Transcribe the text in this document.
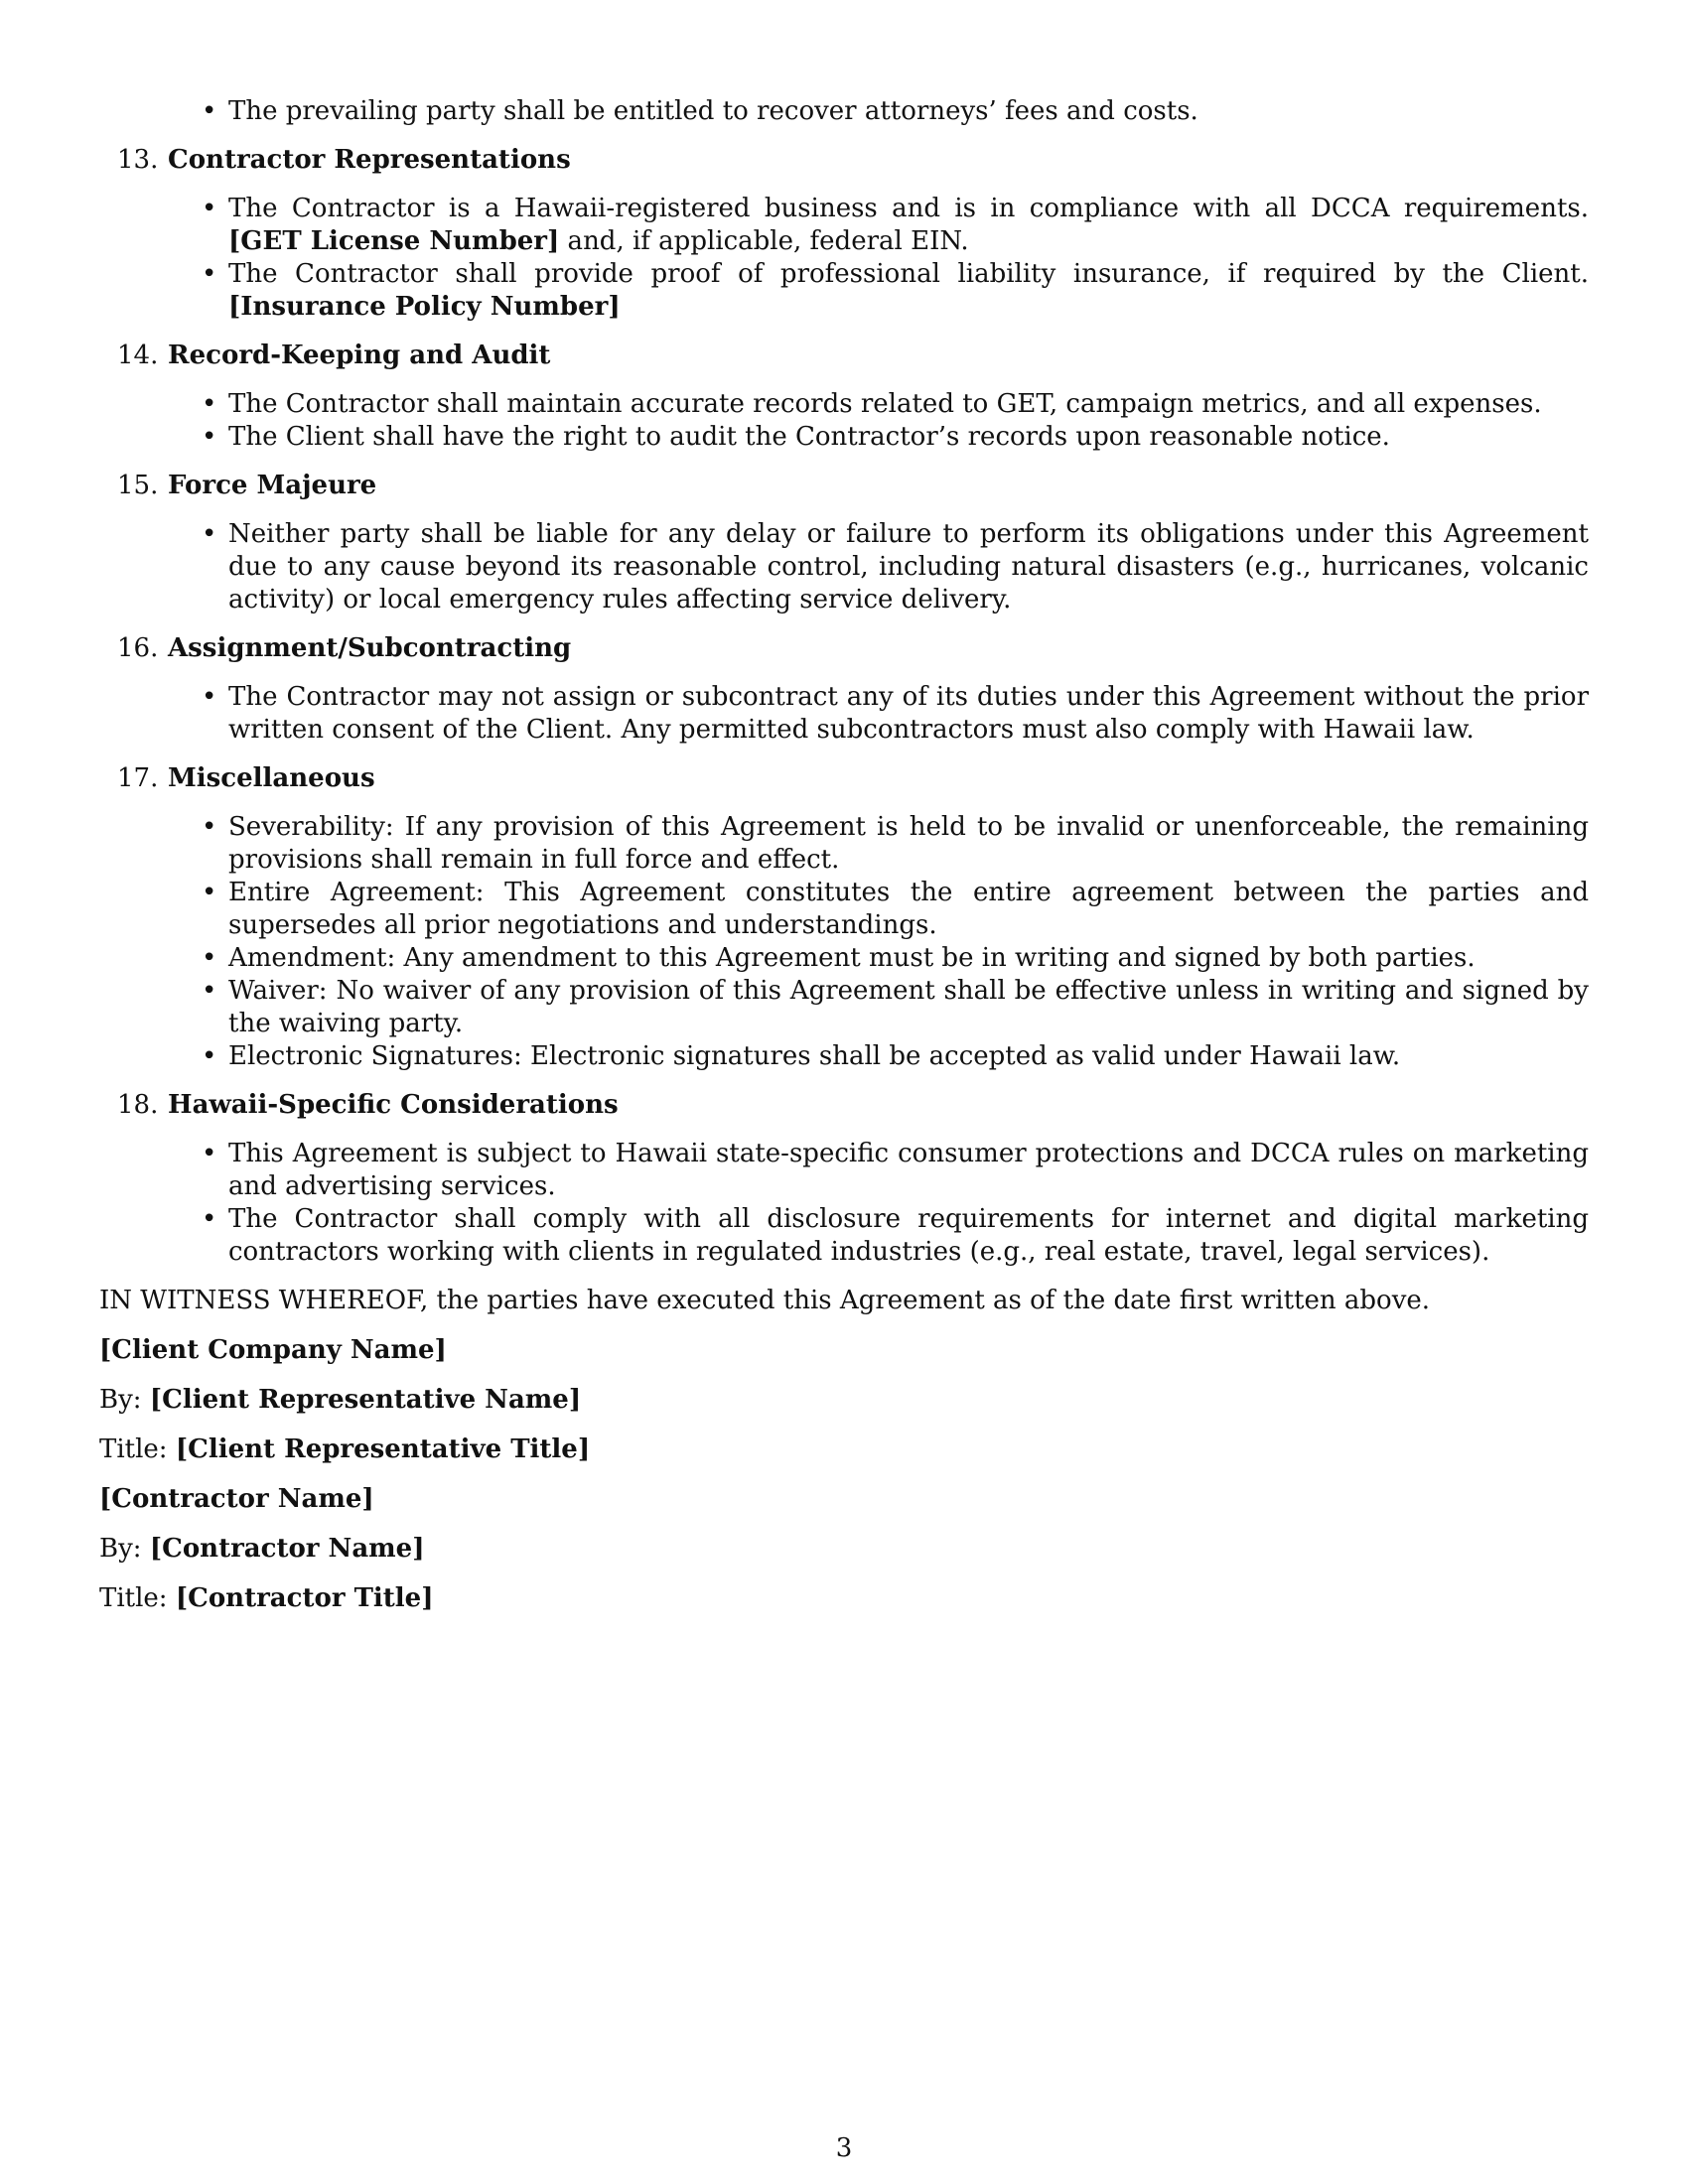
• The prevailing party shall be entitled to recover attorneys’ fees and costs.
13. Contractor Representations
• The Contractor is a Hawaii-registered business and is in compliance with all DCCA requirements. [GET License Number] and, if applicable, federal EIN.
• The Contractor shall provide proof of professional liability insurance, if required by the Client. [Insurance Policy Number]
14. Record-Keeping and Audit
• The Contractor shall maintain accurate records related to GET, campaign metrics, and all expenses.
• The Client shall have the right to audit the Contractor’s records upon reasonable notice.
15. Force Majeure
• Neither party shall be liable for any delay or failure to perform its obligations under this Agreement due to any cause beyond its reasonable control, including natural disasters (e.g., hurricanes, volcanic activity) or local emergency rules affecting service delivery.
16. Assignment/Subcontracting
• The Contractor may not assign or subcontract any of its duties under this Agreement without the prior written consent of the Client. Any permitted subcontractors must also comply with Hawaii law.
17. Miscellaneous
• Severability: If any provision of this Agreement is held to be invalid or unenforceable, the remaining provisions shall remain in full force and effect.
• Entire Agreement: This Agreement constitutes the entire agreement between the parties and supersedes all prior negotiations and understandings.
• Amendment: Any amendment to this Agreement must be in writing and signed by both parties.
• Waiver: No waiver of any provision of this Agreement shall be effective unless in writing and signed by the waiving party.
• Electronic Signatures: Electronic signatures shall be accepted as valid under Hawaii law.
18. Hawaii-Specific Considerations
• This Agreement is subject to Hawaii state-specific consumer protections and DCCA rules on marketing and advertising services.
• The Contractor shall comply with all disclosure requirements for internet and digital marketing contractors working with clients in regulated industries (e.g., real estate, travel, legal services).
IN WITNESS WHEREOF, the parties have executed this Agreement as of the date first written above.
[Client Company Name]
By: [Client Representative Name]
Title: [Client Representative Title]
[Contractor Name]
By: [Contractor Name]
Title: [Contractor Title]
3
